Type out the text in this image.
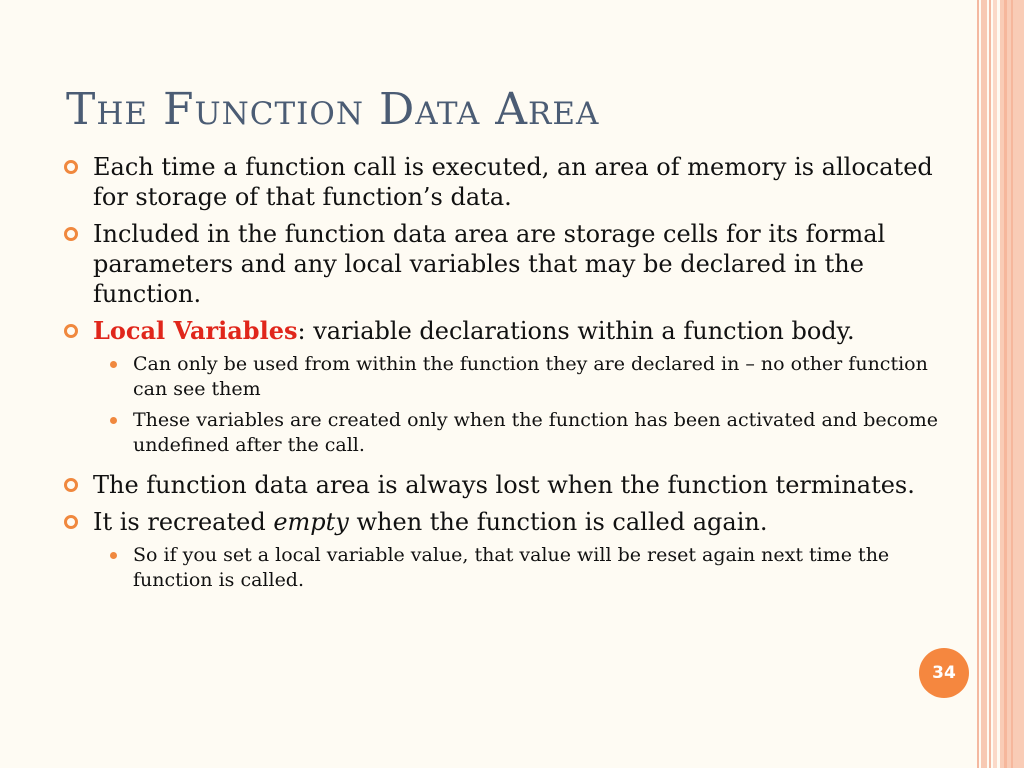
The Function Data Area
Each time a function call is executed, an area of memory is allocated for storage of that function’s data.
Included in the function data area are storage cells for its formal parameters and any local variables that may be declared in the function.
Local Variables: variable declarations within a function body.
Can only be used from within the function they are declared in – no other function can see them
These variables are created only when the function has been activated and become undefined after the call.
The function data area is always lost when the function terminates.
It is recreated empty when the function is called again.
So if you set a local variable value, that value will be reset again next time the function is called.
34
